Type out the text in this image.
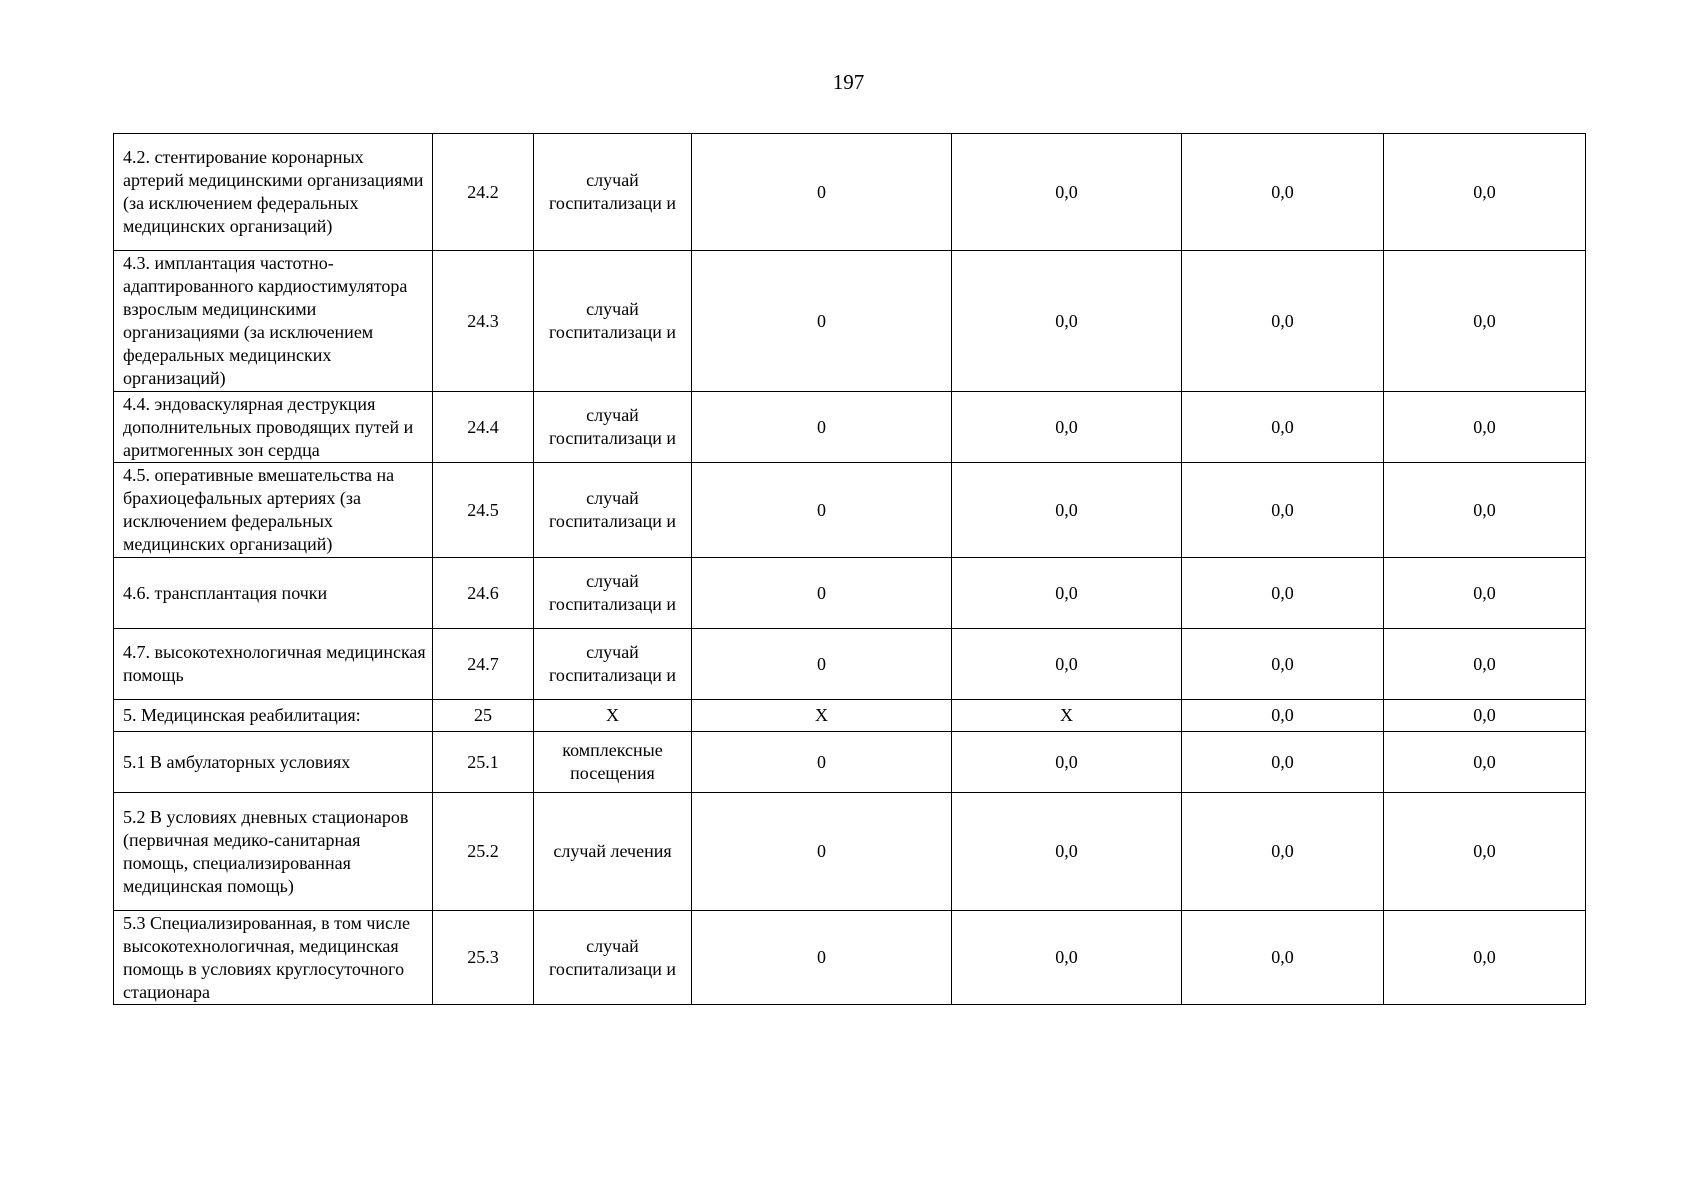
197
4.2. стентирование коронарных артерий медицинскими организациями (за исключением федеральных медицинских организаций)	24.2	случай госпитализаци и	0	0,0	0,0	0,0
4.3. имплантация частотно-адаптированного кардиостимулятора взрослым медицинскими организациями (за исключением федеральных медицинских организаций)	24.3	случай госпитализаци и	0	0,0	0,0	0,0
4.4. эндоваскулярная деструкция дополнительных проводящих путей и аритмогенных зон сердца	24.4	случай госпитализаци и	0	0,0	0,0	0,0
4.5. оперативные вмешательства на брахиоцефальных артериях (за исключением федеральных медицинских организаций)	24.5	случай госпитализаци и	0	0,0	0,0	0,0
4.6. трансплантация почки	24.6	случай госпитализаци и	0	0,0	0,0	0,0
4.7. высокотехнологичная медицинская помощь	24.7	случай госпитализаци и	0	0,0	0,0	0,0
5. Медицинская реабилитация:	25	Х	Х	Х	0,0	0,0
5.1 В амбулаторных условиях	25.1	комплексные посещения	0	0,0	0,0	0,0
5.2 В условиях дневных стационаров (первичная медико-санитарная помощь, специализированная медицинская помощь)	25.2	случай лечения	0	0,0	0,0	0,0
5.3 Специализированная, в том числе высокотехнологичная, медицинская помощь в условиях круглосуточного стационара	25.3	случай госпитализаци и	0	0,0	0,0	0,0
